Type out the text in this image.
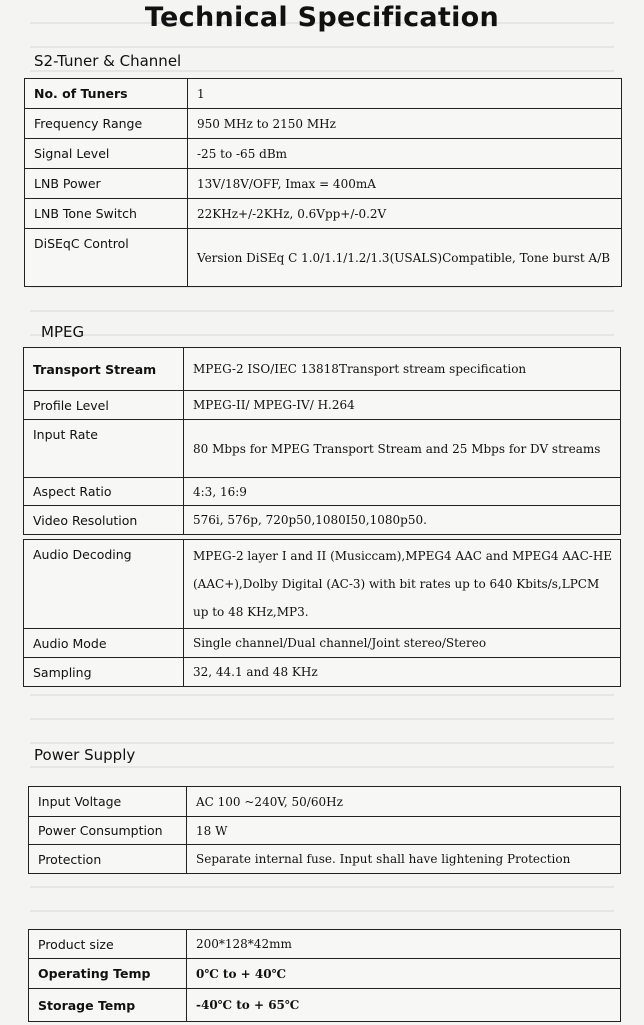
Technical Specification
S2-Tuner & Channel
No. of Tuners	1
Frequency Range	950 MHz to 2150 MHz
Signal Level	-25 to -65 dBm
LNB Power	13V/18V/OFF, Imax = 400mA
LNB Tone Switch	22KHz+/-2KHz, 0.6Vpp+/-0.2V
DiSEqC Control	Version DiSEq C 1.0/1.1/1.2/1.3(USALS)Compatible, Tone burst A/B
MPEG
Transport Stream	MPEG-2 ISO/IEC 13818Transport stream specification
Profile Level	MPEG-II/ MPEG-IV/ H.264
Input Rate	80 Mbps for MPEG Transport Stream and 25 Mbps for DV streams
Aspect Ratio	4:3, 16:9
Video Resolution	576i, 576p, 720p50,1080I50,1080p50.
Audio Decoding	MPEG-2 layer I and II (Musiccam),MPEG4 AAC and MPEG4 AAC-HE (AAC+),Dolby Digital (AC-3) with bit rates up to 640 Kbits/s,LPCM up to 48 KHz,MP3.
Audio Mode	Single channel/Dual channel/Joint stereo/Stereo
Sampling	32, 44.1 and 48 KHz
Power Supply
Input Voltage	AC 100 ~240V, 50/60Hz
Power Consumption	18 W
Protection	Separate internal fuse. Input shall have lightening Protection
Product size	200*128*42mm
Operating Temp	0℃ to + 40℃
Storage Temp	-40℃ to + 65℃
